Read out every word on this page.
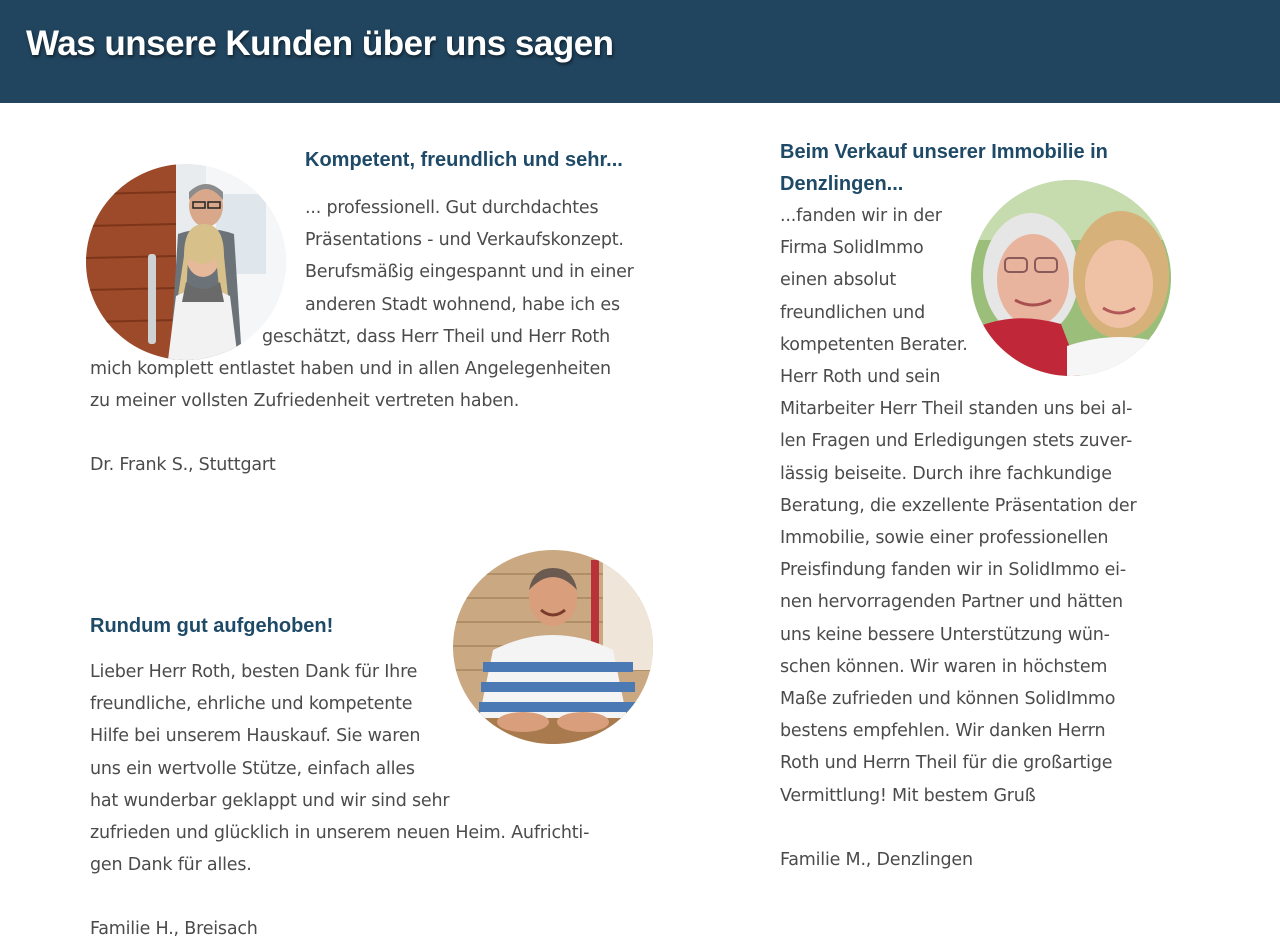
Was unsere Kunden über uns sagen

Kompetent, freundlich und sehr...

... professionell. Gut durchdachtes
Präsentations - und Verkaufskonzept.
Berufsmäßig eingespannt und in einer
anderen Stadt wohnend, habe ich es
geschätzt, dass Herr Theil und Herr Roth
mich komplett entlastet haben und in allen Angelegenheiten
zu meiner vollsten Zufriedenheit vertreten haben.

Dr. Frank S., Stuttgart

Rundum gut aufgehoben!

Lieber Herr Roth, besten Dank für Ihre
freundliche, ehrliche und kompetente
Hilfe bei unserem Hauskauf. Sie waren
uns ein wertvolle Stütze, einfach alles
hat wunderbar geklappt und wir sind sehr
zufrieden und glücklich in unserem neuen Heim. Aufrichti-
gen Dank für alles.

Familie H., Breisach

Beim Verkauf unserer Immobilie in
Denzlingen...

...fanden wir in der
Firma SolidImmo
einen absolut
freundlichen und
kompetenten Berater.
Herr Roth und sein
Mitarbeiter Herr Theil standen uns bei al-
len Fragen und Erledigungen stets zuver-
lässig beiseite. Durch ihre fachkundige
Beratung, die exzellente Präsentation der
Immobilie, sowie einer professionellen
Preisfindung fanden wir in SolidImmo ei-
nen hervorragenden Partner und hätten
uns keine bessere Unterstützung wün-
schen können. Wir waren in höchstem
Maße zufrieden und können SolidImmo
bestens empfehlen. Wir danken Herrn
Roth und Herrn Theil für die großartige
Vermittlung! Mit bestem Gruß

Familie M., Denzlingen
